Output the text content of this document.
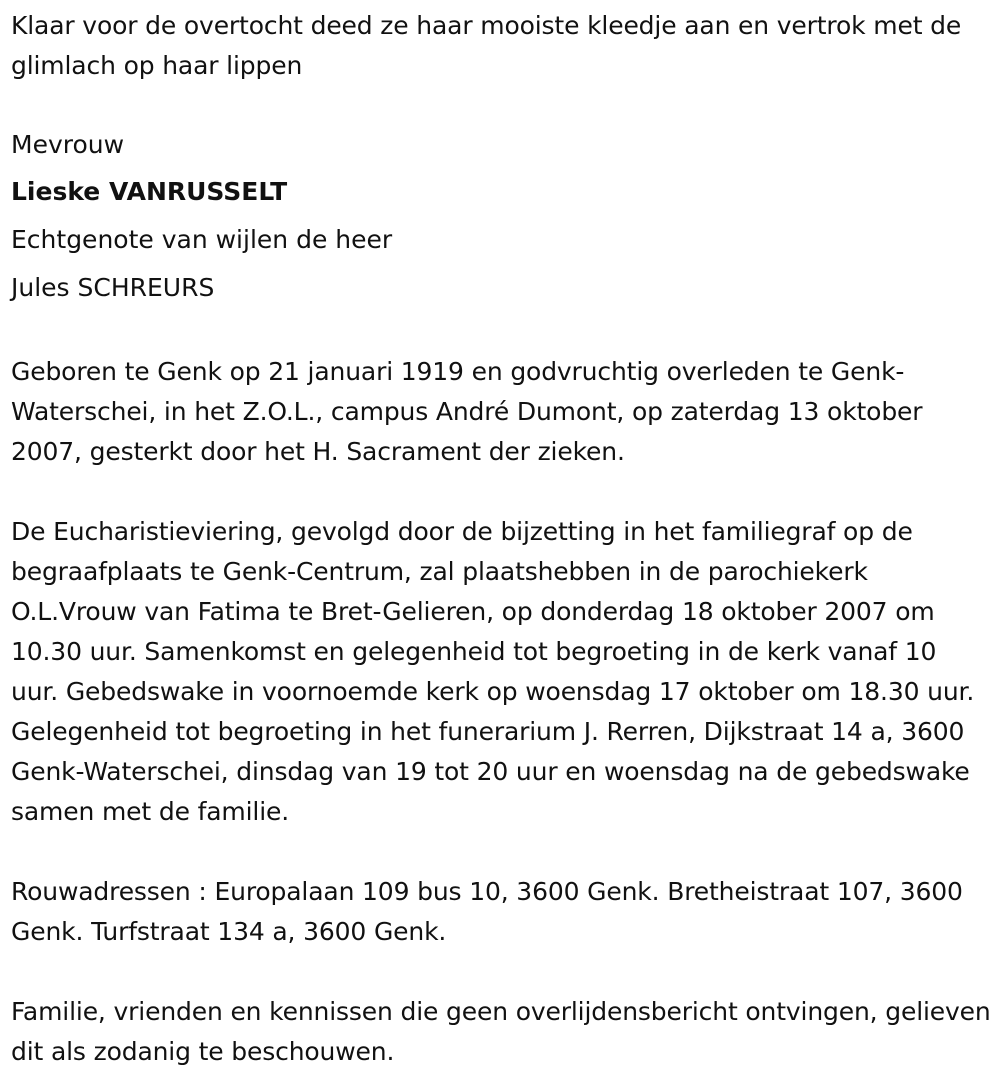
Klaar voor de overtocht deed ze haar mooiste kleedje aan en vertrok met de glimlach op haar lippen

Mevrouw
Lieske VANRUSSELT
Echtgenote van wijlen de heer
Jules SCHREURS

Geboren te Genk op 21 januari 1919 en godvruchtig overleden te Genk-Waterschei, in het Z.O.L., campus André Dumont, op zaterdag 13 oktober 2007, gesterkt door het H. Sacrament der zieken.

De Eucharistieviering, gevolgd door de bijzetting in het familiegraf op de begraafplaats te Genk-Centrum, zal plaatshebben in de parochiekerk O.L.Vrouw van Fatima te Bret-Gelieren, op donderdag 18 oktober 2007 om 10.30 uur. Samenkomst en gelegenheid tot begroeting in de kerk vanaf 10 uur. Gebedswake in voornoemde kerk op woensdag 17 oktober om 18.30 uur. Gelegenheid tot begroeting in het funerarium J. Rerren, Dijkstraat 14 a, 3600 Genk-Waterschei, dinsdag van 19 tot 20 uur en woensdag na de gebedswake samen met de familie.

Rouwadressen : Europalaan 109 bus 10, 3600 Genk. Bretheistraat 107, 3600 Genk. Turfstraat 134 a, 3600 Genk.

Familie, vrienden en kennissen die geen overlijdensbericht ontvingen, gelieven dit als zodanig te beschouwen.
